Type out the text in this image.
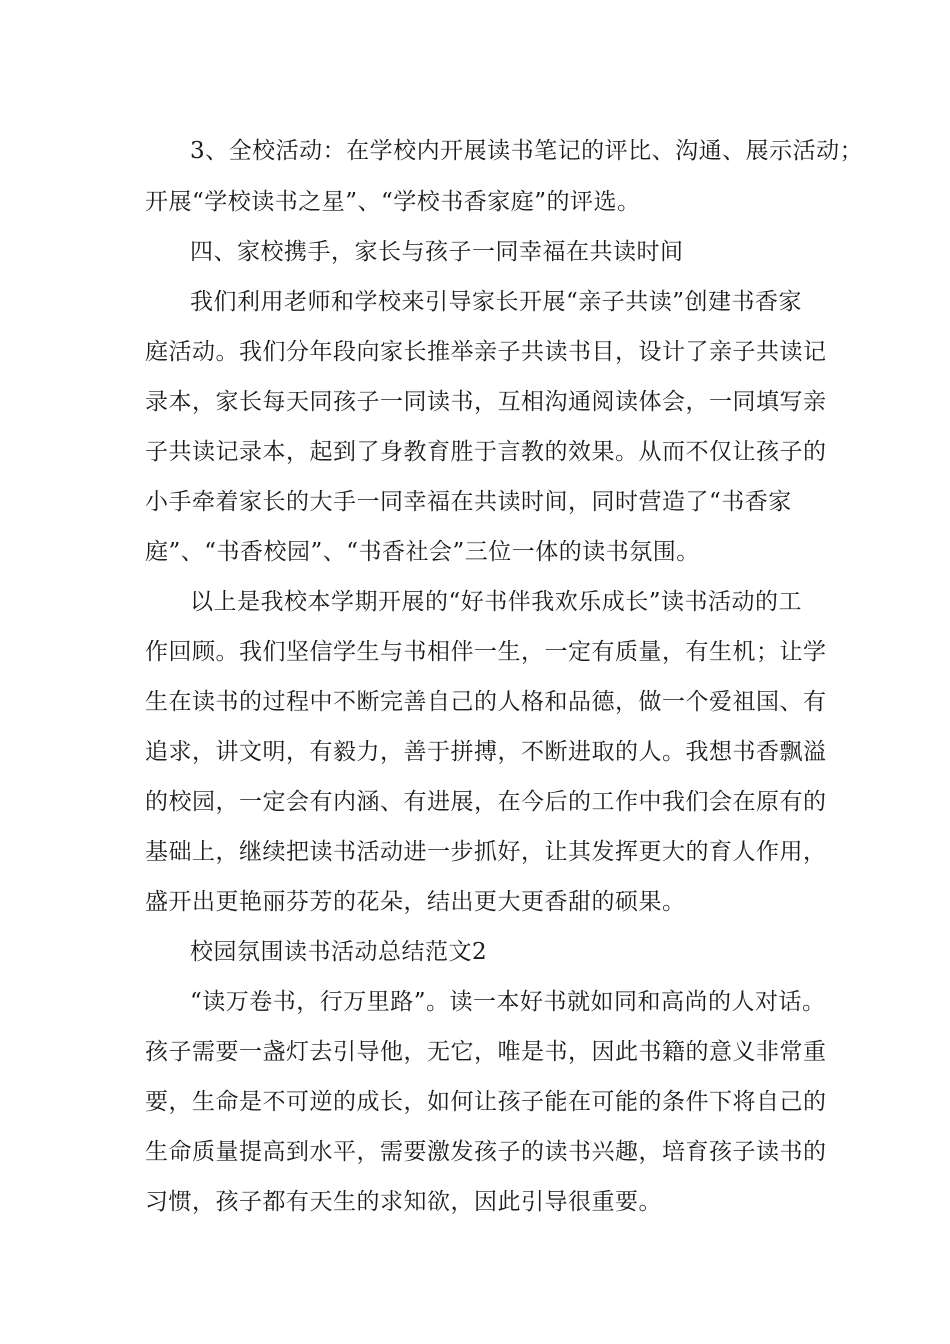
3、全校活动：在学校内开展读书笔记的评比、沟通、展示活动；
开展“学校读书之星”、“学校书香家庭”的评选。
四、家校携手，家长与孩子一同幸福在共读时间
我们利用老师和学校来引导家长开展“亲子共读”创建书香家
庭活动。我们分年段向家长推举亲子共读书目，设计了亲子共读记
录本，家长每天同孩子一同读书，互相沟通阅读体会，一同填写亲
子共读记录本，起到了身教育胜于言教的效果。从而不仅让孩子的
小手牵着家长的大手一同幸福在共读时间，同时营造了“书香家
庭”、“书香校园”、“书香社会”三位一体的读书氛围。
以上是我校本学期开展的“好书伴我欢乐成长”读书活动的工
作回顾。我们坚信学生与书相伴一生，一定有质量，有生机；让学
生在读书的过程中不断完善自己的人格和品德，做一个爱祖国、有
追求，讲文明，有毅力，善于拼搏，不断进取的人。我想书香飘溢
的校园，一定会有内涵、有进展，在今后的工作中我们会在原有的
基础上，继续把读书活动进一步抓好，让其发挥更大的育人作用，
盛开出更艳丽芬芳的花朵，结出更大更香甜的硕果。
校园氛围读书活动总结范文2
“读万卷书，行万里路”。读一本好书就如同和高尚的人对话。
孩子需要一盏灯去引导他，无它，唯是书，因此书籍的意义非常重
要，生命是不可逆的成长，如何让孩子能在可能的条件下将自己的
生命质量提高到水平，需要激发孩子的读书兴趣，培育孩子读书的
习惯，孩子都有天生的求知欲，因此引导很重要。
